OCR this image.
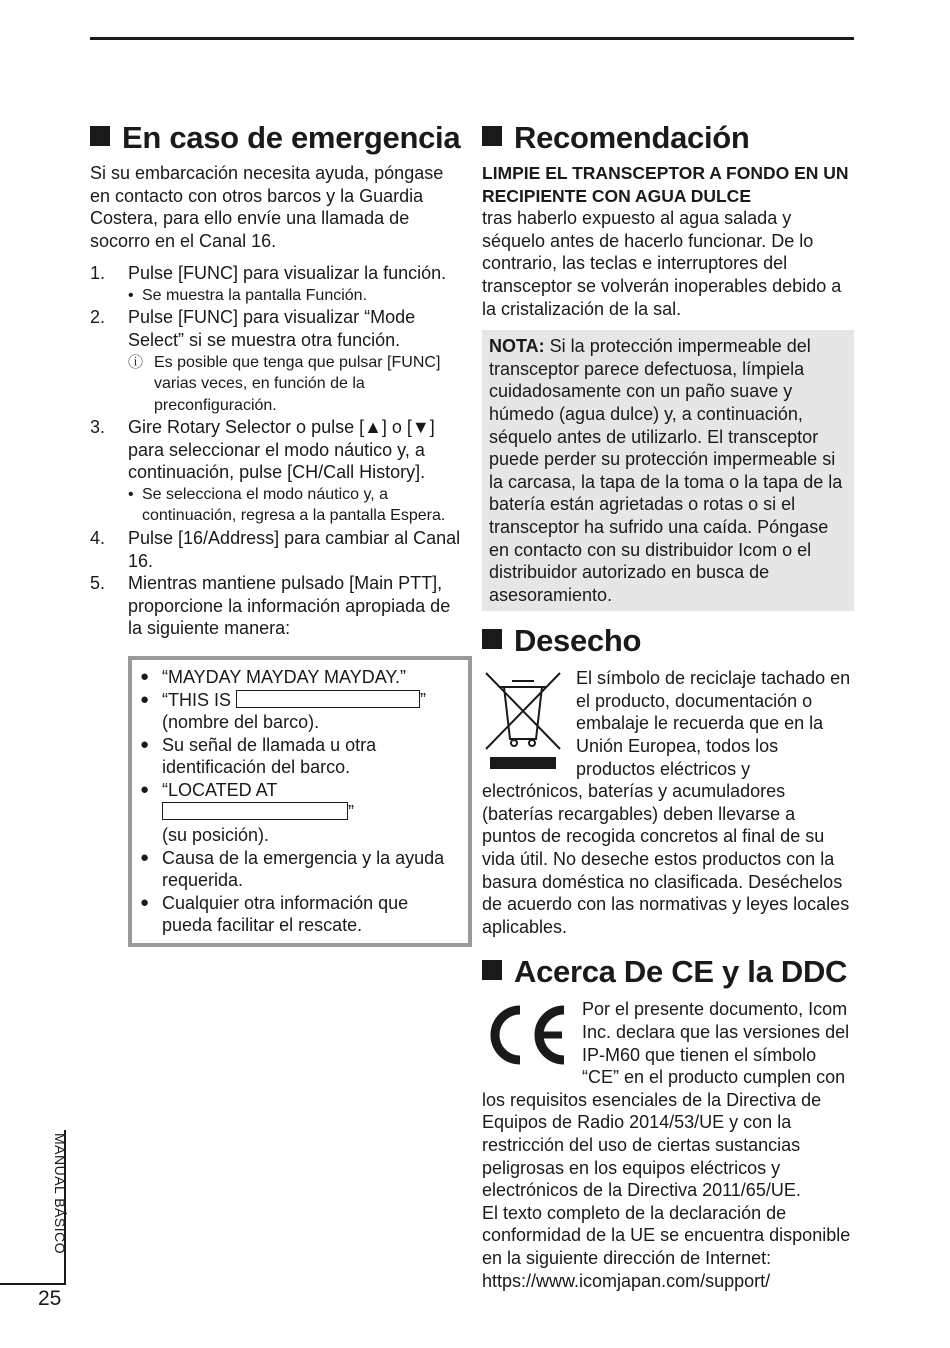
En caso de emergencia

Si su embarcación necesita ayuda, póngase en contacto con otros barcos y la Guardia Costera, para ello envíe una llamada de socorro en el Canal 16.

1.	Pulse [FUNC] para visualizar la función.
• Se muestra la pantalla Función.
2.	Pulse [FUNC] para visualizar “Mode Select” si se muestra otra función.
ⓘ Es posible que tenga que pulsar [FUNC] varias veces, en función de la preconfiguración.
3.	Gire Rotary Selector o pulse [▲] o [▼] para seleccionar el modo náutico y, a continuación, pulse [CH/Call History].
• Se selecciona el modo náutico y, a continuación, regresa a la pantalla Espera.
4.	Pulse [16/Address] para cambiar al Canal 16.
5.	Mientras mantiene pulsado [Main PTT], proporcione la información apropiada de la siguiente manera:
● “MAYDAY MAYDAY MAYDAY.”
● “THIS IS	”
(nombre del barco).
● Su señal de llamada u otra identificación del barco.
● “LOCATED AT
”
(su posición).
● Causa de la emergencia y la ayuda requerida.
● Cualquier otra información que pueda facilitar el rescate.
Recomendación
LIMPIE EL TRANSCEPTOR A FONDO EN UN RECIPIENTE CON AGUA DULCE

tras haberlo expuesto al agua salada y séquelo antes de hacerlo funcionar. De lo contrario, las teclas e interruptores del transceptor se volverán inoperables debido a la cristalización de la sal.

NOTA: Si la protección impermeable del transceptor parece defectuosa, límpiela cuidadosamente con un paño suave y húmedo (agua dulce) y, a continuación, séquelo antes de utilizarlo. El transceptor puede perder su protección impermeable si la carcasa, la tapa de la toma o la tapa de la batería están agrietadas o rotas o si el transceptor ha sufrido una caída. Póngase en contacto con su distribuidor Icom o el distribuidor autorizado en busca de asesoramiento.
Desecho

El símbolo de reciclaje tachado en el producto, documentación o embalaje le recuerda que en la Unión Europea, todos los productos eléctricos y electrónicos, baterías y acumuladores (baterías recargables) deben llevarse a puntos de recogida concretos al final de su vida útil. No deseche estos productos con la basura doméstica no clasificada. Deséchelos de acuerdo con las normativas y leyes locales aplicables.

Acerca De CE y la DDC

Por el presente documento, Icom Inc. declara que las versiones del IP-M60 que tienen el símbolo “CE” en el producto cumplen con los requisitos esenciales de la Directiva de Equipos de Radio 2014/53/UE y con la restricción del uso de ciertas sustancias peligrosas en los equipos eléctricos y electrónicos de la Directiva 2011/65/UE.

El texto completo de la declaración de conformidad de la UE se encuentra disponible en la siguiente dirección de Internet:

https://www.icomjapan.com/support/

MANUAL BÁSICO
25
